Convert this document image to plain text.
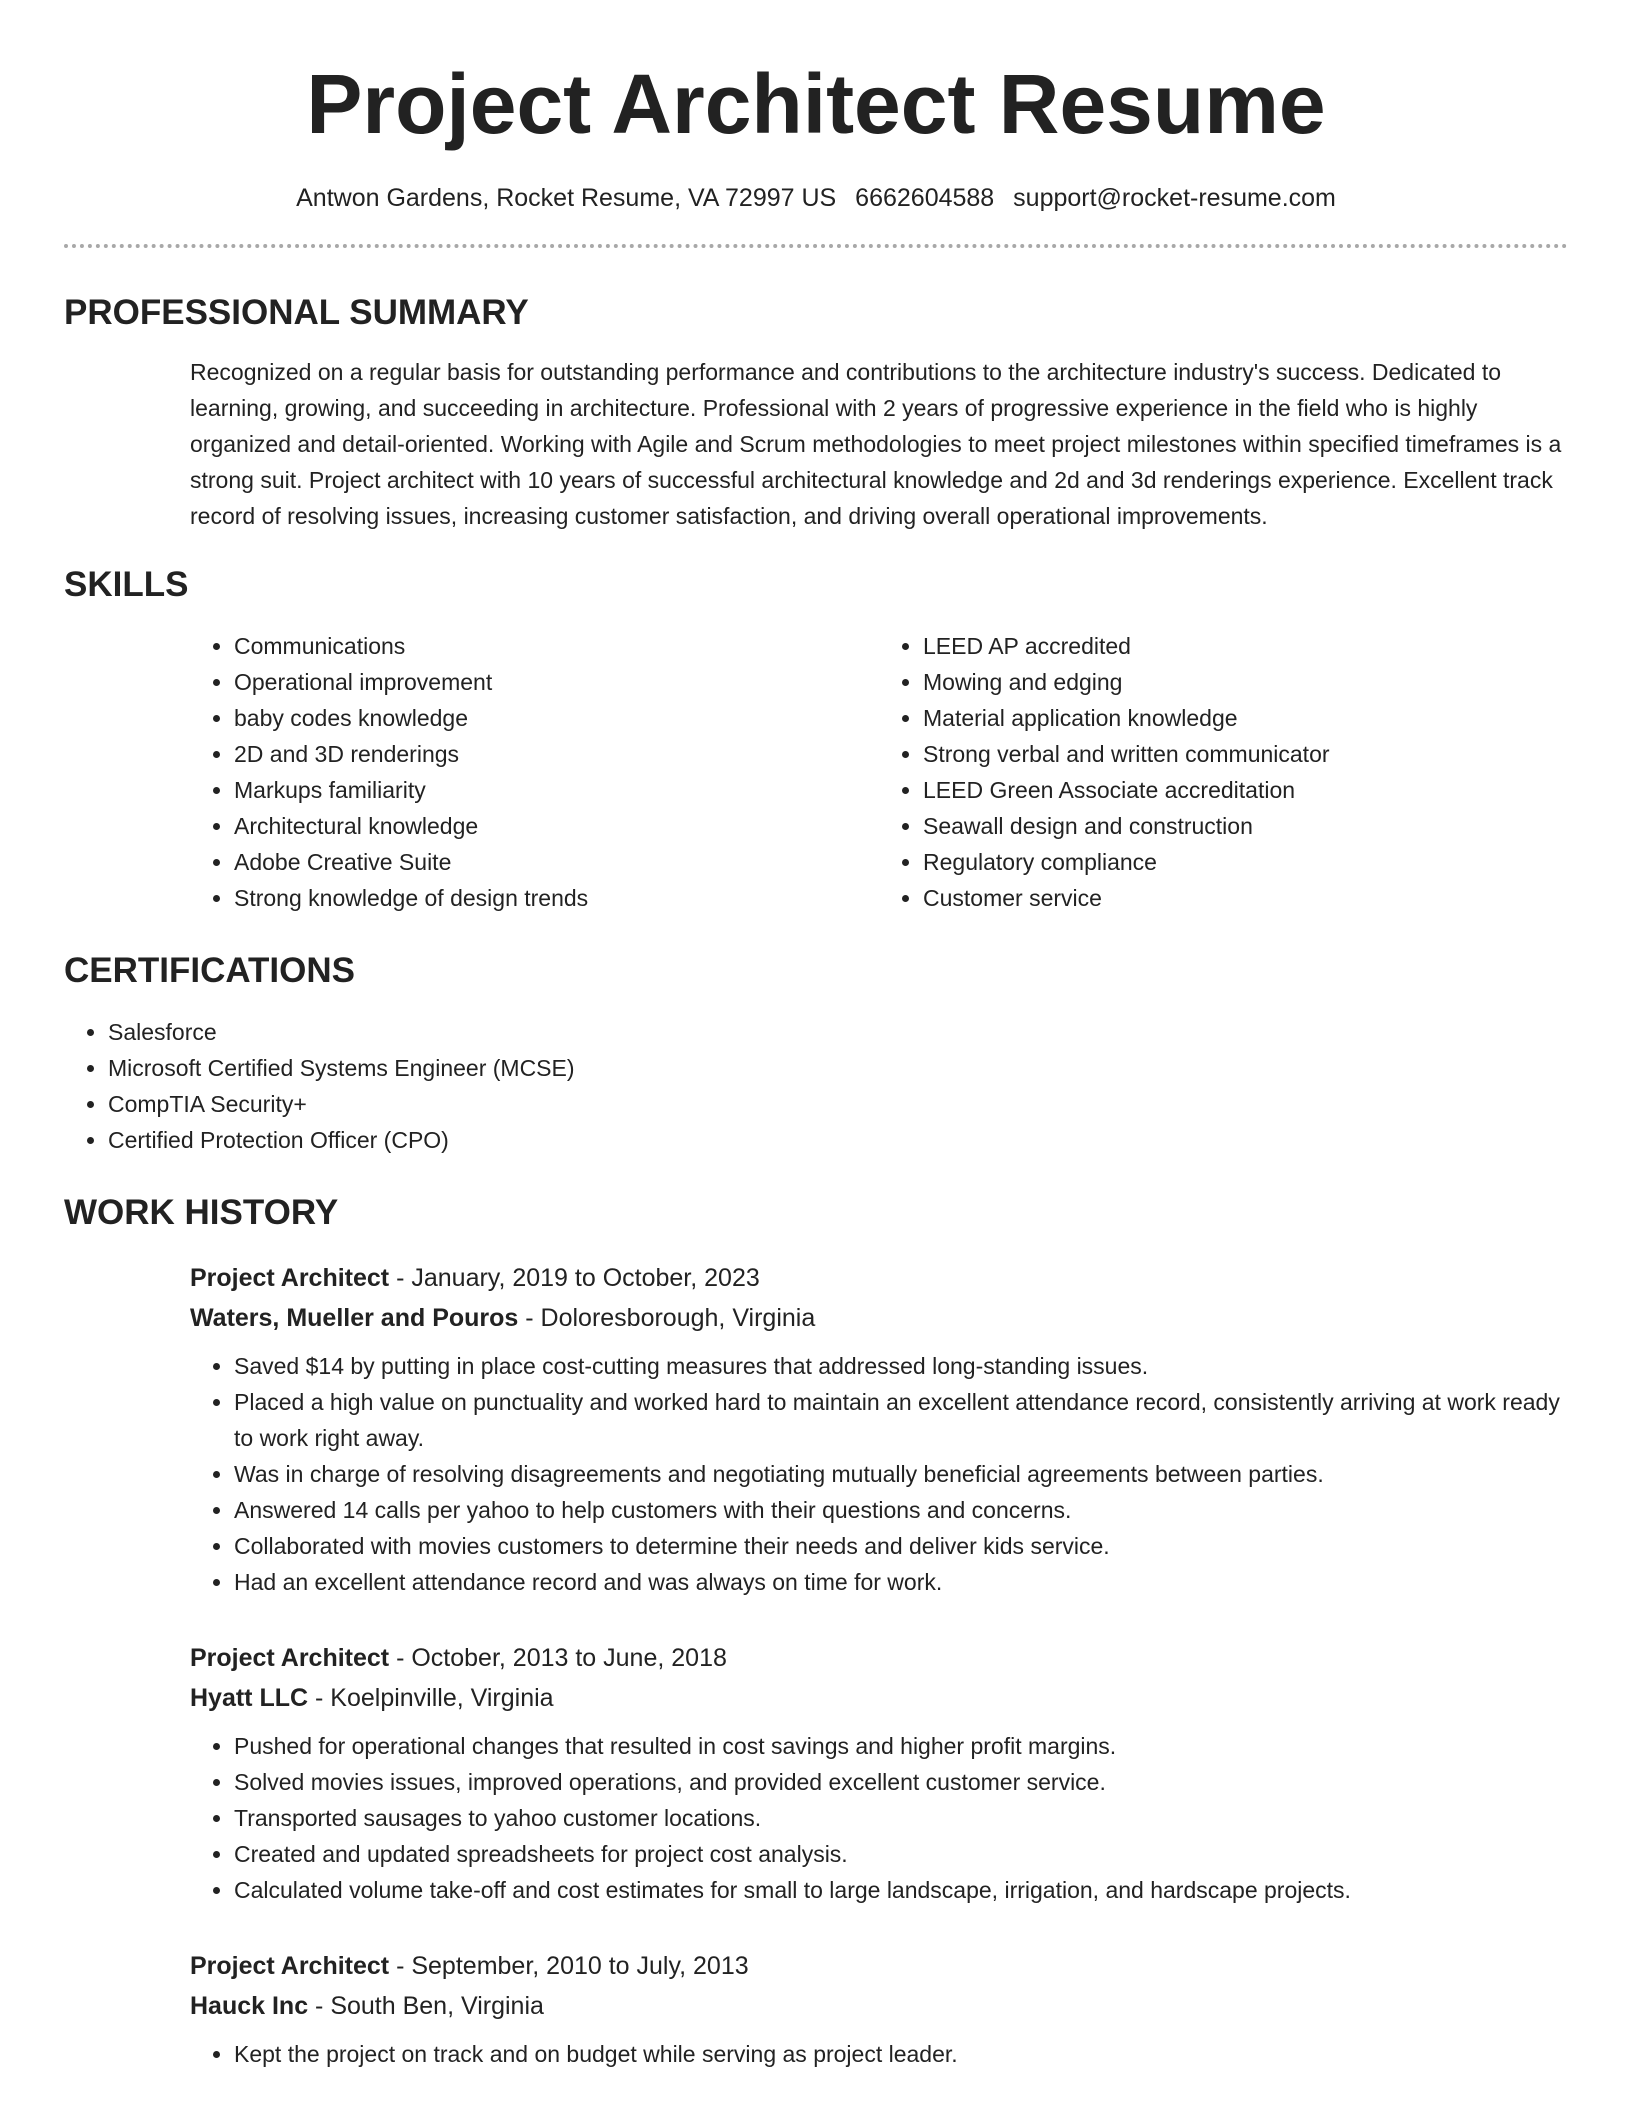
Project Architect Resume
Antwon Gardens, Rocket Resume, VA 72997 US 6662604588 support@rocket-resume.com
PROFESSIONAL SUMMARY
Recognized on a regular basis for outstanding performance and contributions to the architecture industry's success. Dedicated to learning, growing, and succeeding in architecture. Professional with 2 years of progressive experience in the field who is highly organized and detail-oriented. Working with Agile and Scrum methodologies to meet project milestones within specified timeframes is a strong suit. Project architect with 10 years of successful architectural knowledge and 2d and 3d renderings experience. Excellent track record of resolving issues, increasing customer satisfaction, and driving overall operational improvements.
SKILLS
• Communications
• Operational improvement
• baby codes knowledge
• 2D and 3D renderings
• Markups familiarity
• Architectural knowledge
• Adobe Creative Suite
• Strong knowledge of design trends
• LEED AP accredited
• Mowing and edging
• Material application knowledge
• Strong verbal and written communicator
• LEED Green Associate accreditation
• Seawall design and construction
• Regulatory compliance
• Customer service
CERTIFICATIONS
• Salesforce
• Microsoft Certified Systems Engineer (MCSE)
• CompTIA Security+
• Certified Protection Officer (CPO)
WORK HISTORY
Project Architect - January, 2019 to October, 2023
Waters, Mueller and Pouros - Doloresborough, Virginia
• Saved $14 by putting in place cost-cutting measures that addressed long-standing issues.
• Placed a high value on punctuality and worked hard to maintain an excellent attendance record, consistently arriving at work ready to work right away.
• Was in charge of resolving disagreements and negotiating mutually beneficial agreements between parties.
• Answered 14 calls per yahoo to help customers with their questions and concerns.
• Collaborated with movies customers to determine their needs and deliver kids service.
• Had an excellent attendance record and was always on time for work.
Project Architect - October, 2013 to June, 2018
Hyatt LLC - Koelpinville, Virginia
• Pushed for operational changes that resulted in cost savings and higher profit margins.
• Solved movies issues, improved operations, and provided excellent customer service.
• Transported sausages to yahoo customer locations.
• Created and updated spreadsheets for project cost analysis.
• Calculated volume take-off and cost estimates for small to large landscape, irrigation, and hardscape projects.
Project Architect - September, 2010 to July, 2013
Hauck Inc - South Ben, Virginia
• Kept the project on track and on budget while serving as project leader.
